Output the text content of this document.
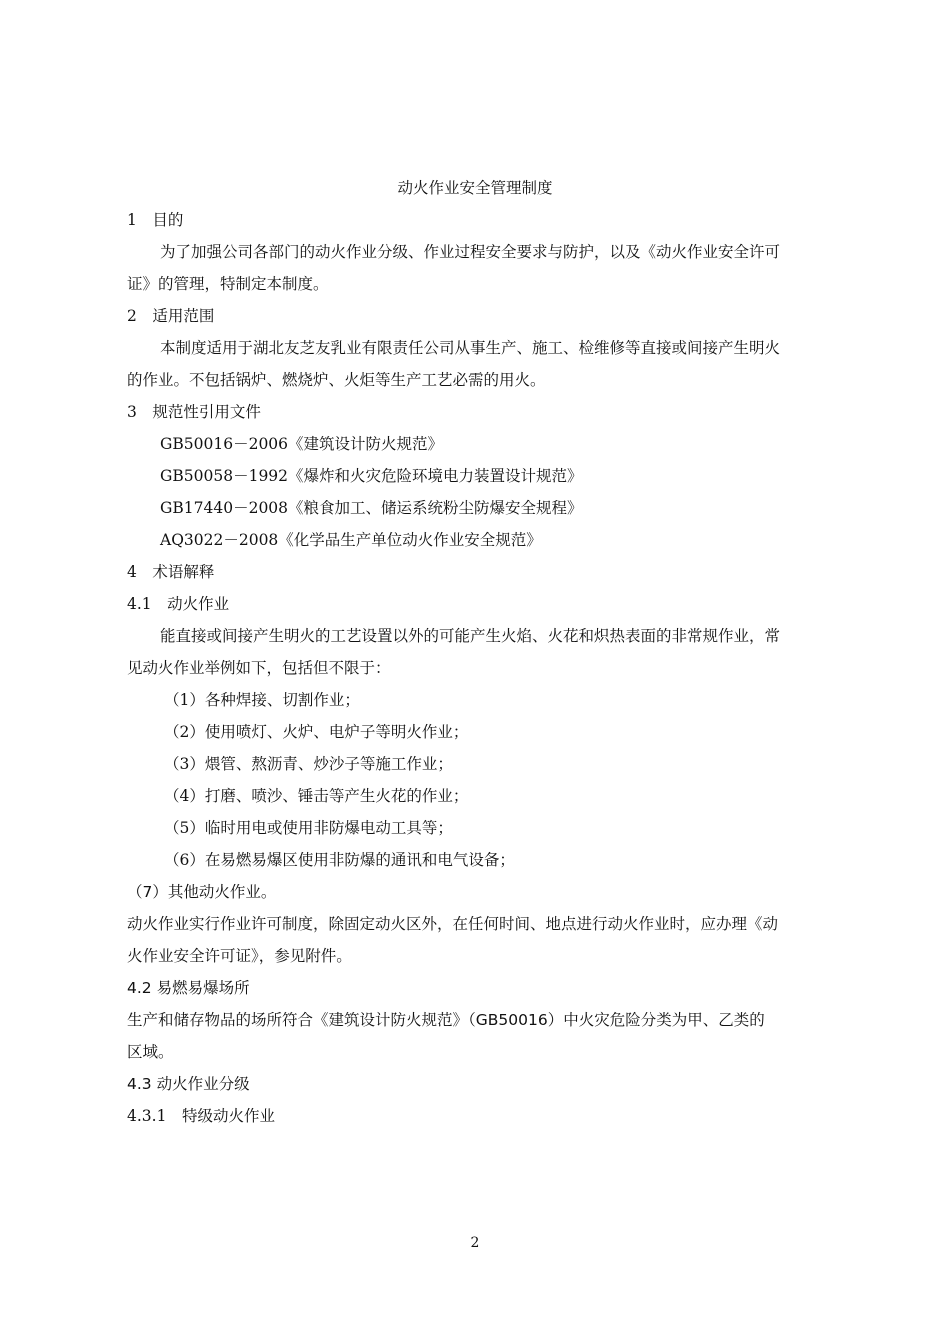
动火作业安全管理制度
1　目的
为了加强公司各部门的动火作业分级、作业过程安全要求与防护，以及《动火作业安全许可
证》的管理，特制定本制度。
2　适用范围
本制度适用于湖北友芝友乳业有限责任公司从事生产、施工、检维修等直接或间接产生明火
的作业。不包括锅炉、燃烧炉、火炬等生产工艺必需的用火。
3　规范性引用文件
GB50016－2006《建筑设计防火规范》
GB50058－1992《爆炸和火灾危险环境电力装置设计规范》
GB17440－2008《粮食加工、储运系统粉尘防爆安全规程》
AQ3022－2008《化学品生产单位动火作业安全规范》
4　术语解释
4.1　动火作业
能直接或间接产生明火的工艺设置以外的可能产生火焰、火花和炽热表面的非常规作业，常
见动火作业举例如下，包括但不限于：
（1）各种焊接、切割作业；
（2）使用喷灯、火炉、电炉子等明火作业；
（3）煨管、熬沥青、炒沙子等施工作业；
（4）打磨、喷沙、锤击等产生火花的作业；
（5）临时用电或使用非防爆电动工具等；
（6）在易燃易爆区使用非防爆的通讯和电气设备；
（7）其他动火作业。
动火作业实行作业许可制度，除固定动火区外，在任何时间、地点进行动火作业时，应办理《动
火作业安全许可证》，参见附件。
4.2 易燃易爆场所
生产和储存物品的场所符合《建筑设计防火规范》（GB50016）中火灾危险分类为甲、乙类的
区域。
4.3 动火作业分级
4.3.1　特级动火作业
2
